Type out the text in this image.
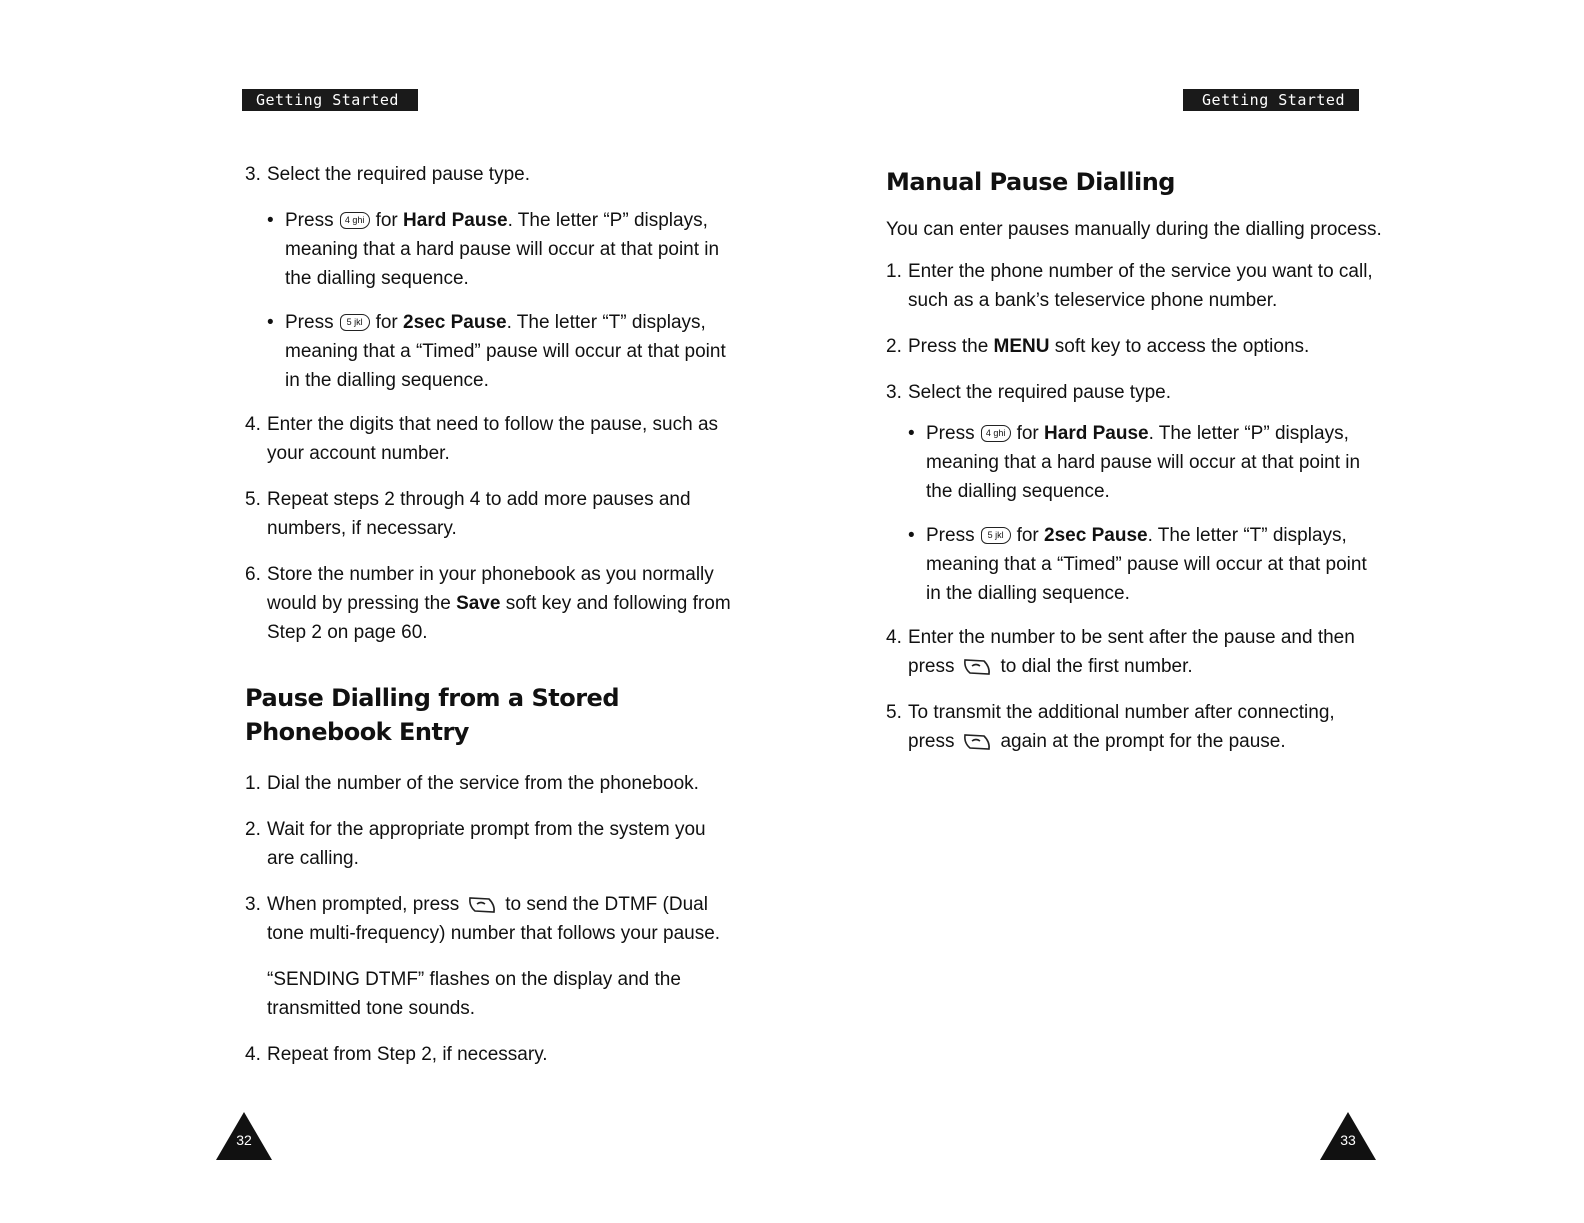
Getting Started	Getting Started
3. Select the required pause type.
• Press 4 ghi for Hard Pause. The letter “P” displays, meaning that a hard pause will occur at that point in the dialling sequence.
• Press 5 jkl for 2sec Pause. The letter “T” displays, meaning that a “Timed” pause will occur at that point in the dialling sequence.
4. Enter the digits that need to follow the pause, such as your account number.
5. Repeat steps 2 through 4 to add more pauses and numbers, if necessary.
6. Store the number in your phonebook as you normally would by pressing the Save soft key and following from Step 2 on page 60.
Pause Dialling from a Stored Phonebook Entry
1. Dial the number of the service from the phonebook.
2. Wait for the appropriate prompt from the system you are calling.
3. When prompted, press to send the DTMF (Dual tone multi-frequency) number that follows your pause.
“SENDING DTMF” flashes on the display and the transmitted tone sounds.
4. Repeat from Step 2, if necessary.
Manual Pause Dialling
You can enter pauses manually during the dialling process.
1. Enter the phone number of the service you want to call, such as a bank’s teleservice phone number.
2. Press the MENU soft key to access the options.
3. Select the required pause type.
• Press 4 ghi for Hard Pause. The letter “P” displays, meaning that a hard pause will occur at that point in the dialling sequence.
• Press 5 jkl for 2sec Pause. The letter “T” displays, meaning that a “Timed” pause will occur at that point in the dialling sequence.
4. Enter the number to be sent after the pause and then press to dial the first number.
5. To transmit the additional number after connecting, press again at the prompt for the pause.
32	33
